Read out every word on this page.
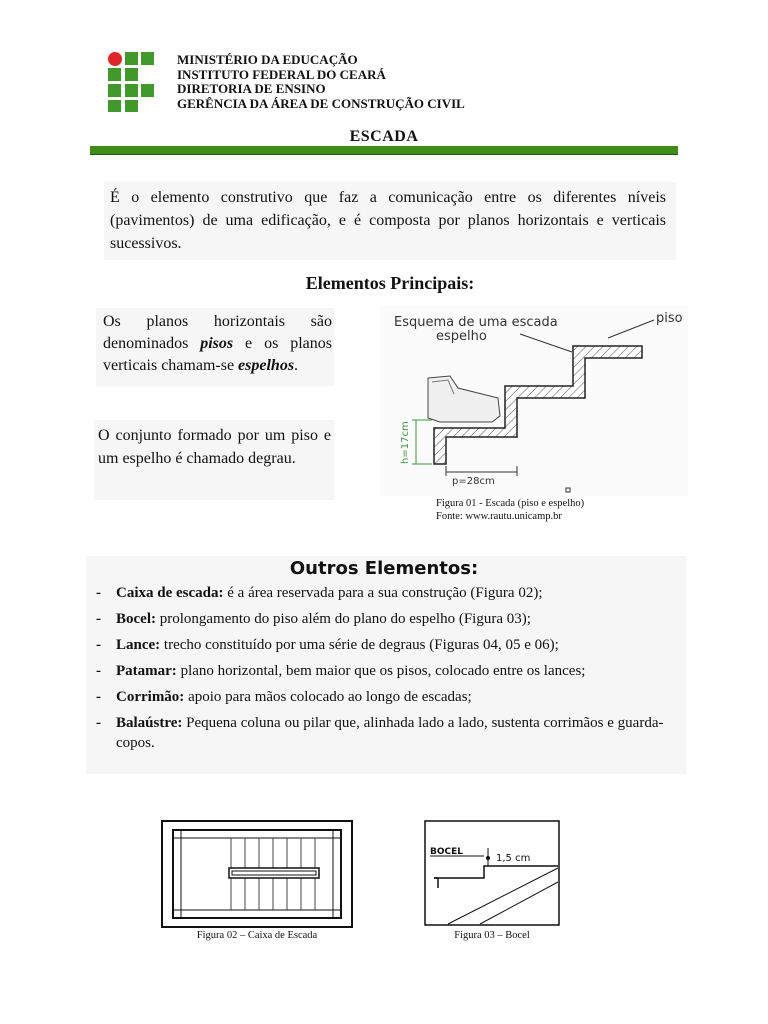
MINISTÉRIO DA EDUCAÇÃO
INSTITUTO FEDERAL DO CEARÁ
DIRETORIA DE ENSINO
GERÊNCIA DA ÁREA DE CONSTRUÇÃO CIVIL
ESCADA
É o elemento construtivo que faz a comunicação entre os diferentes níveis (pavimentos) de uma edificação, e é composta por planos horizontais e verticais sucessivos.
Elementos Principais:
Os planos horizontais são denominados pisos e os planos verticais chamam-se espelhos.
O conjunto formado por um piso e um espelho é chamado degrau.
Esquema de uma escada
espelho
piso
h=17cm
p=28cm
Figura 01 - Escada (piso e espelho)
Fonte: www.rautu.unicamp.br
Outros Elementos:
- Caixa de escada: é a área reservada para a sua construção (Figura 02);
- Bocel: prolongamento do piso além do plano do espelho (Figura 03);
- Lance: trecho constituído por uma série de degraus (Figuras 04, 05 e 06);
- Patamar: plano horizontal, bem maior que os pisos, colocado entre os lances;
- Corrimão: apoio para mãos colocado ao longo de escadas;
- Balaústre: Pequena coluna ou pilar que, alinhada lado a lado, sustenta corrimãos e guarda-copos.
Figura 02 – Caixa de Escada
BOCEL
1,5 cm
Figura 03 – Bocel
